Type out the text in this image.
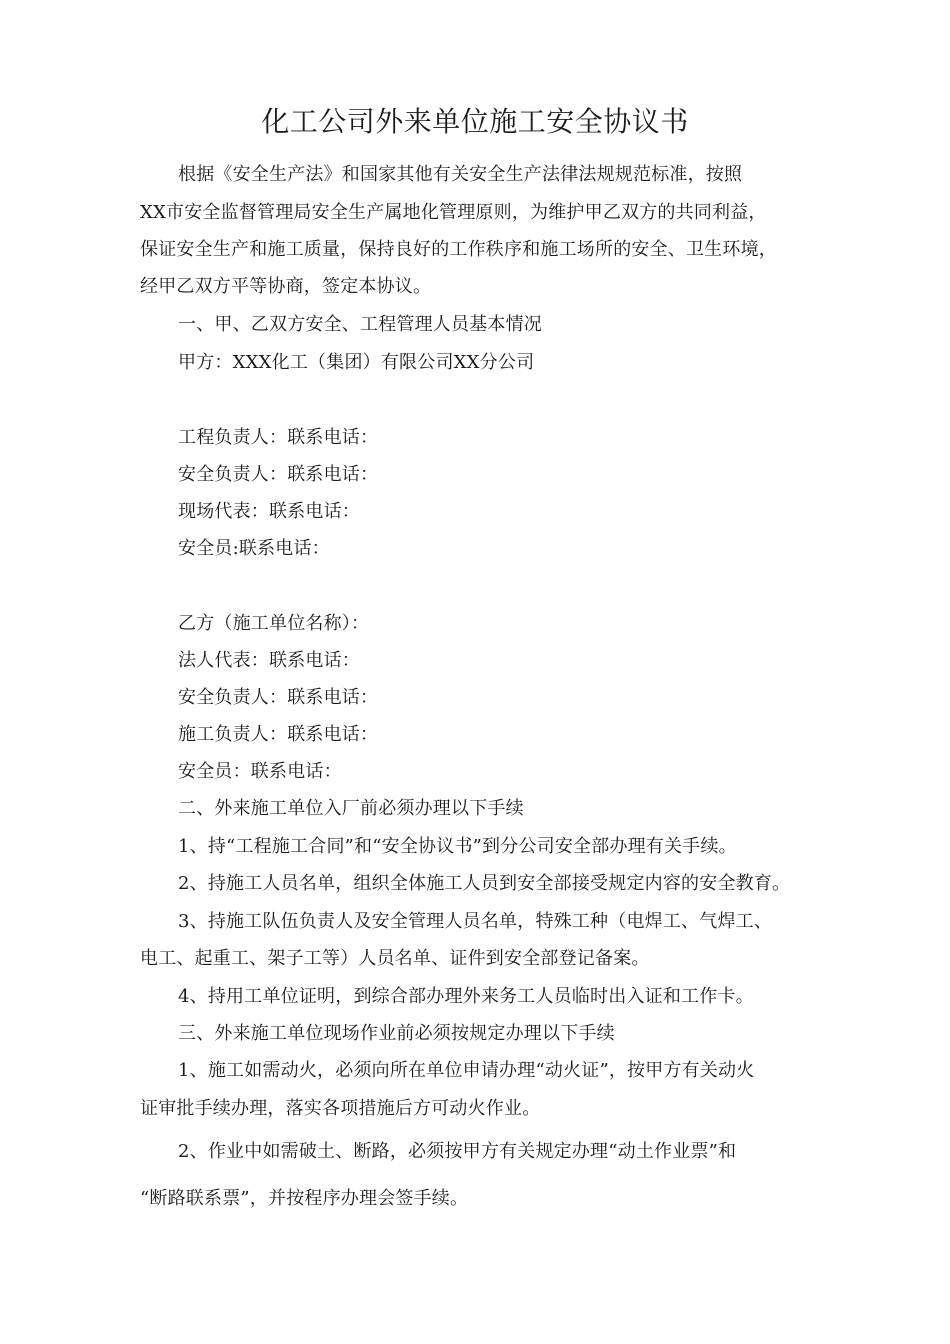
化工公司外来单位施工安全协议书
根据《安全生产法》和国家其他有关安全生产法律法规规范标准，按照
XX市安全监督管理局安全生产属地化管理原则，为维护甲乙双方的共同利益，
保证安全生产和施工质量，保持良好的工作秩序和施工场所的安全、卫生环境，
经甲乙双方平等协商，签定本协议。
一、甲、乙双方安全、工程管理人员基本情况
甲方：XXX化工（集团）有限公司XX分公司
工程负责人：联系电话：
安全负责人：联系电话：
现场代表：联系电话：
安全员:联系电话：
乙方（施工单位名称）：
法人代表：联系电话：
安全负责人：联系电话：
施工负责人：联系电话：
安全员：联系电话：
二、外来施工单位入厂前必须办理以下手续
1、持“工程施工合同”和“安全协议书”到分公司安全部办理有关手续。
2、持施工人员名单，组织全体施工人员到安全部接受规定内容的安全教育。
3、持施工队伍负责人及安全管理人员名单，特殊工种（电焊工、气焊工、
电工、起重工、架子工等）人员名单、证件到安全部登记备案。
4、持用工单位证明，到综合部办理外来务工人员临时出入证和工作卡。
三、外来施工单位现场作业前必须按规定办理以下手续
1、施工如需动火，必须向所在单位申请办理“动火证”，按甲方有关动火
证审批手续办理，落实各项措施后方可动火作业。
2、作业中如需破土、断路，必须按甲方有关规定办理“动土作业票”和
“断路联系票”，并按程序办理会签手续。
